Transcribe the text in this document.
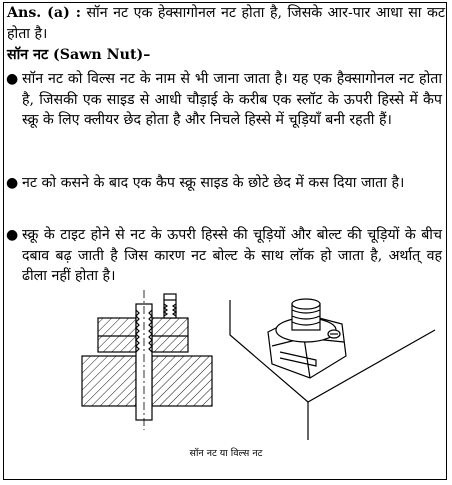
Ans. (a) : सॉन नट एक हेक्सागोनल नट होता है, जिसके आर-पार आधा सा कट होता है।
सॉन नट (Sawn Nut)–
● सॉन नट को विल्स नट के नाम से भी जाना जाता है। यह एक हैक्सागोनल नट होता है, जिसकी एक साइड से आधी चौड़ाई के करीब एक स्लॉट के ऊपरी हिस्से में कैप स्क्रू के लिए क्लीयर छेद होता है और निचले हिस्से में चूड़ियाँ बनी रहती हैं।
● नट को कसने के बाद एक कैप स्क्रू साइड के छोटे छेद में कस दिया जाता है।
● स्क्रू के टाइट होने से नट के ऊपरी हिस्से की चूड़ियों और बोल्ट की चूड़ियों के बीच दबाव बढ़ जाती है जिस कारण नट बोल्ट के साथ लॉक हो जाता है, अर्थात् वह ढीला नहीं होता है।
सॉन नट या विल्स नट
